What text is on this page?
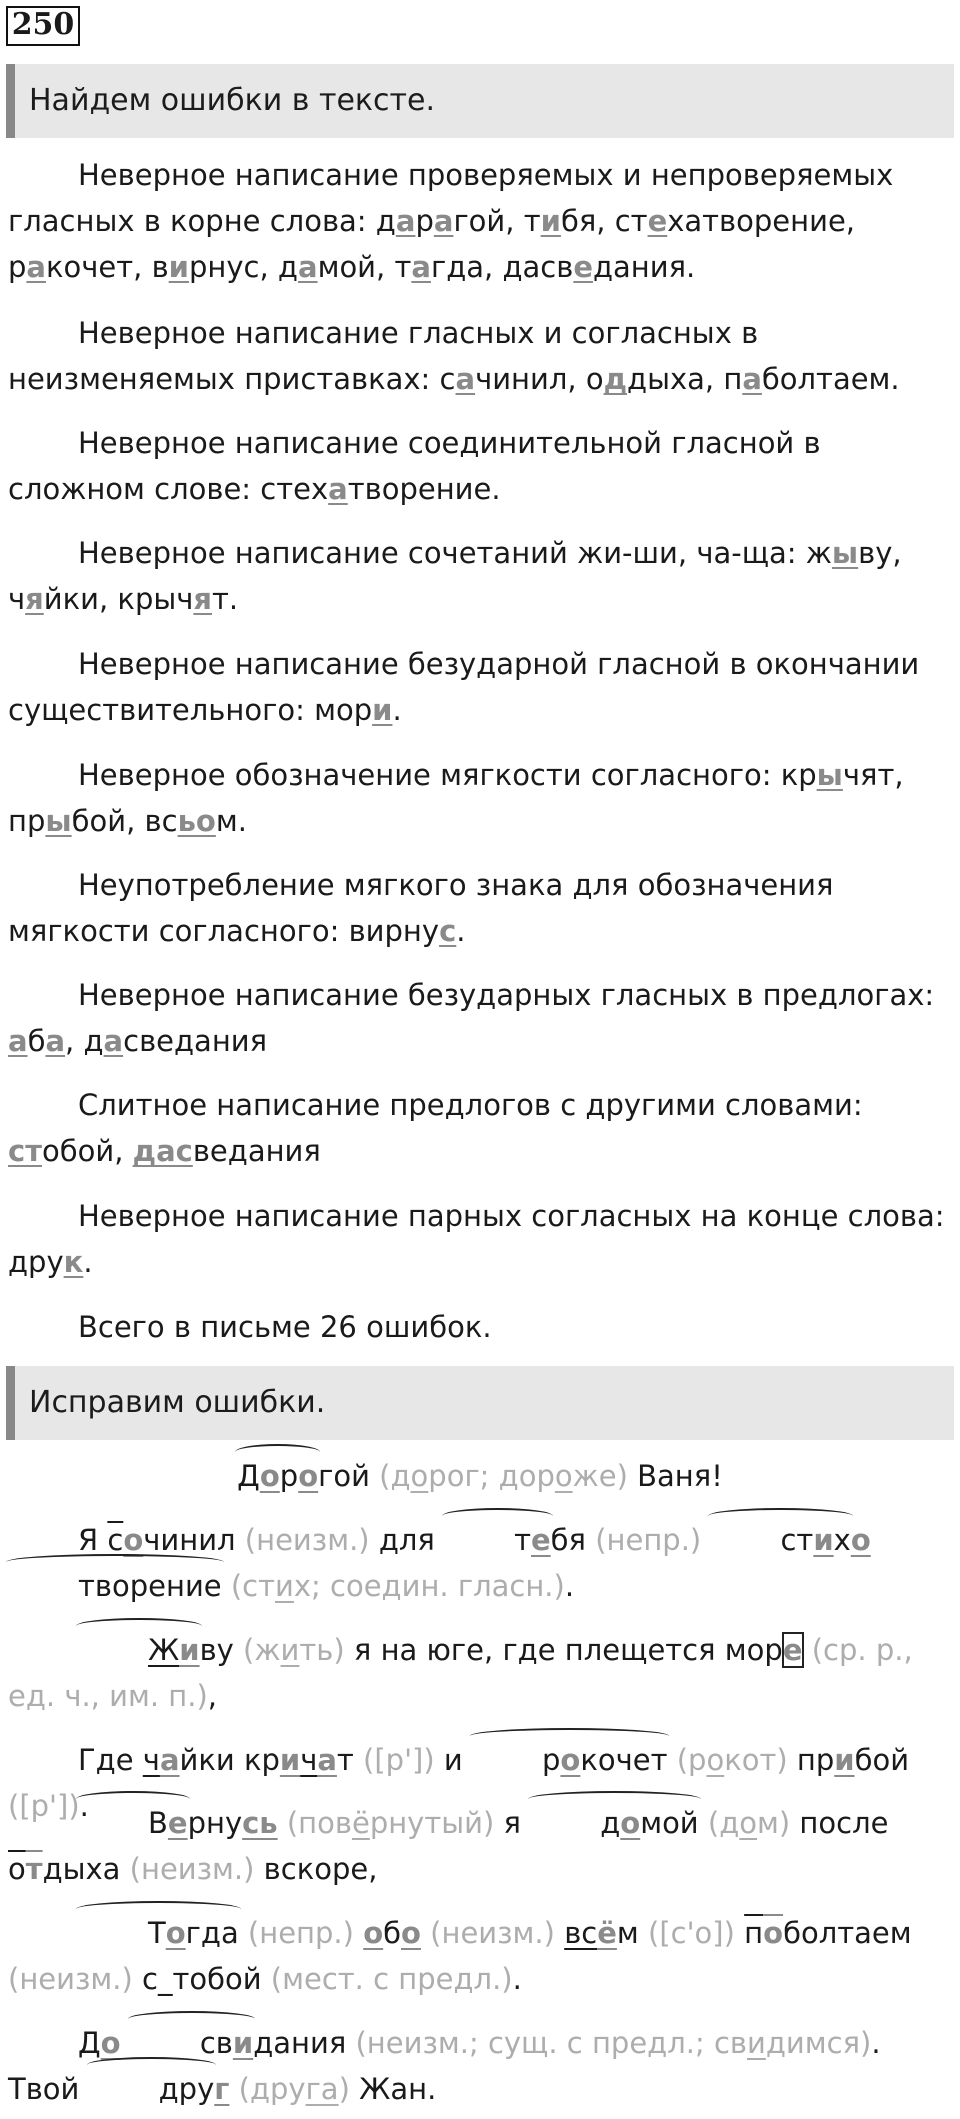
250
Найдем ошибки в тексте.
Неверное написание проверяемых и непроверяемых гласных в корне слова: дарагой, тибя, стехатворение, ракочет, вирнус, дамой, тагда, дасведания.
Неверное написание гласных и согласных в неизменяемых приставках: сачинил, оддыха, паболтаем.
Неверное написание соединительной гласной в сложном слове: стехатворение.
Неверное написание сочетаний жи-ши, ча-ща: жыву, чяйки, крычят.
Неверное написание безударной гласной в окончании существительного: мори.
Неверное обозначение мягкости согласного: крычят, прыбой, всьом.
Неупотребление мягкого знака для обозначения мягкости согласного: вирнус.
Неверное написание безударных гласных в предлогах: аба, дасведания
Слитное написание предлогов с другими словами: стобой, дасведания
Неверное написание парных согласных на конце слова: друк.
Всего в письме 26 ошибок.
Исправим ошибки.
Дорогой (дорог; дороже) Ваня!
Я сочинил (неизм.) для тебя (непр.)	стихотворение (стих; соедин. гласн.).
Живу (жить) я на юге, где плещется море (ср. р., ед. ч., им. п.),
Где чайки кричат ([р']) и рокочет (рокот) прибой ([р']).	Вернусь (повёрнутый) я домой (дом) после отдыха (неизм.) вскоре,
Тогда (непр.) обо (неизм.) всём ([с'о]) поболтаем (неизм.) с_тобой (мест. с предл.).
До	свидания (неизм.; сущ. с предл.; свидимся). Твой друг (друга) Жан.
